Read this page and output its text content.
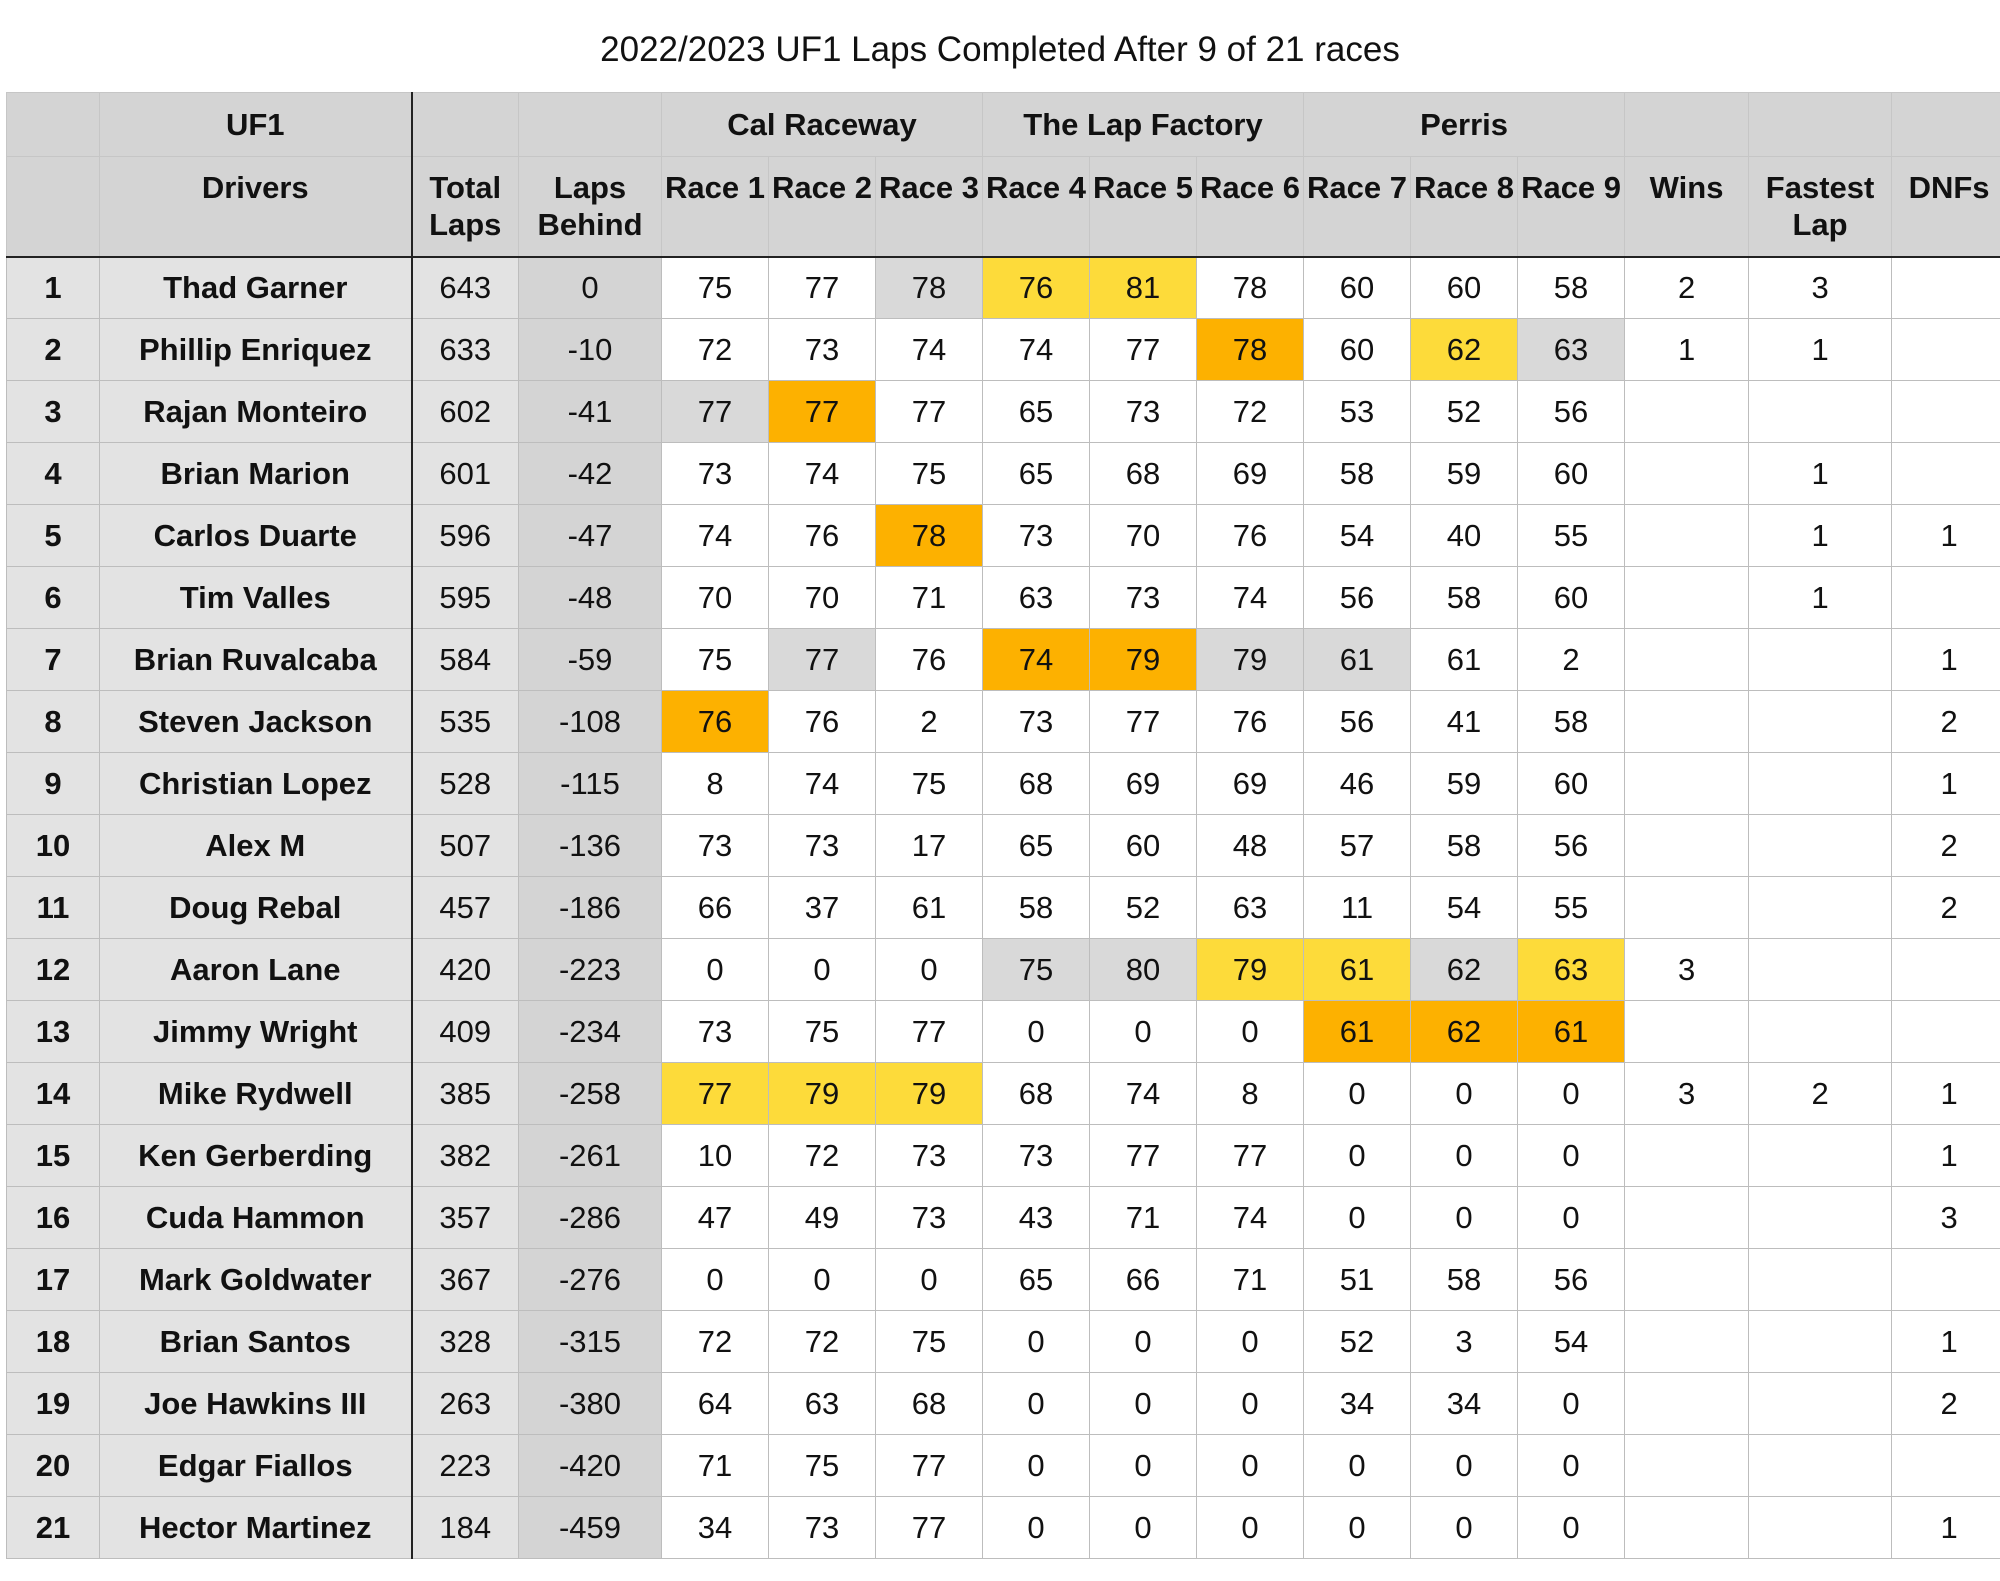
2022/2023 UF1 Laps Completed After 9 of 21 races
	UF1			Cal Raceway			The Lap Factory			Perris					
	Drivers	Total Laps	Laps Behind	Race 1	Race 2	Race 3	Race 4	Race 5	Race 6	Race 7	Race 8	Race 9	Wins	Fastest Lap	DNFs
1	Thad Garner	643	0	75	77	78	76	81	78	60	60	58	2	3	
2	Phillip Enriquez	633	-10	72	73	74	74	77	78	60	62	63	1	1	
3	Rajan Monteiro	602	-41	77	77	77	65	73	72	53	52	56			
4	Brian Marion	601	-42	73	74	75	65	68	69	58	59	60		1	
5	Carlos Duarte	596	-47	74	76	78	73	70	76	54	40	55		1	1
6	Tim Valles	595	-48	70	70	71	63	73	74	56	58	60		1	
7	Brian Ruvalcaba	584	-59	75	77	76	74	79	79	61	61	2			1
8	Steven Jackson	535	-108	76	76	2	73	77	76	56	41	58			2
9	Christian Lopez	528	-115	8	74	75	68	69	69	46	59	60			1
10	Alex M	507	-136	73	73	17	65	60	48	57	58	56			2
11	Doug Rebal	457	-186	66	37	61	58	52	63	11	54	55			2
12	Aaron Lane	420	-223	0	0	0	75	80	79	61	62	63	3		
13	Jimmy Wright	409	-234	73	75	77	0	0	0	61	62	61			
14	Mike Rydwell	385	-258	77	79	79	68	74	8	0	0	0	3	2	1
15	Ken Gerberding	382	-261	10	72	73	73	77	77	0	0	0			1
16	Cuda Hammon	357	-286	47	49	73	43	71	74	0	0	0			3
17	Mark Goldwater	367	-276	0	0	0	65	66	71	51	58	56			
18	Brian Santos	328	-315	72	72	75	0	0	0	52	3	54			1
19	Joe Hawkins III	263	-380	64	63	68	0	0	0	34	34	0			2
20	Edgar Fiallos	223	-420	71	75	77	0	0	0	0	0	0			
21	Hector Martinez	184	-459	34	73	77	0	0	0	0	0	0			1
